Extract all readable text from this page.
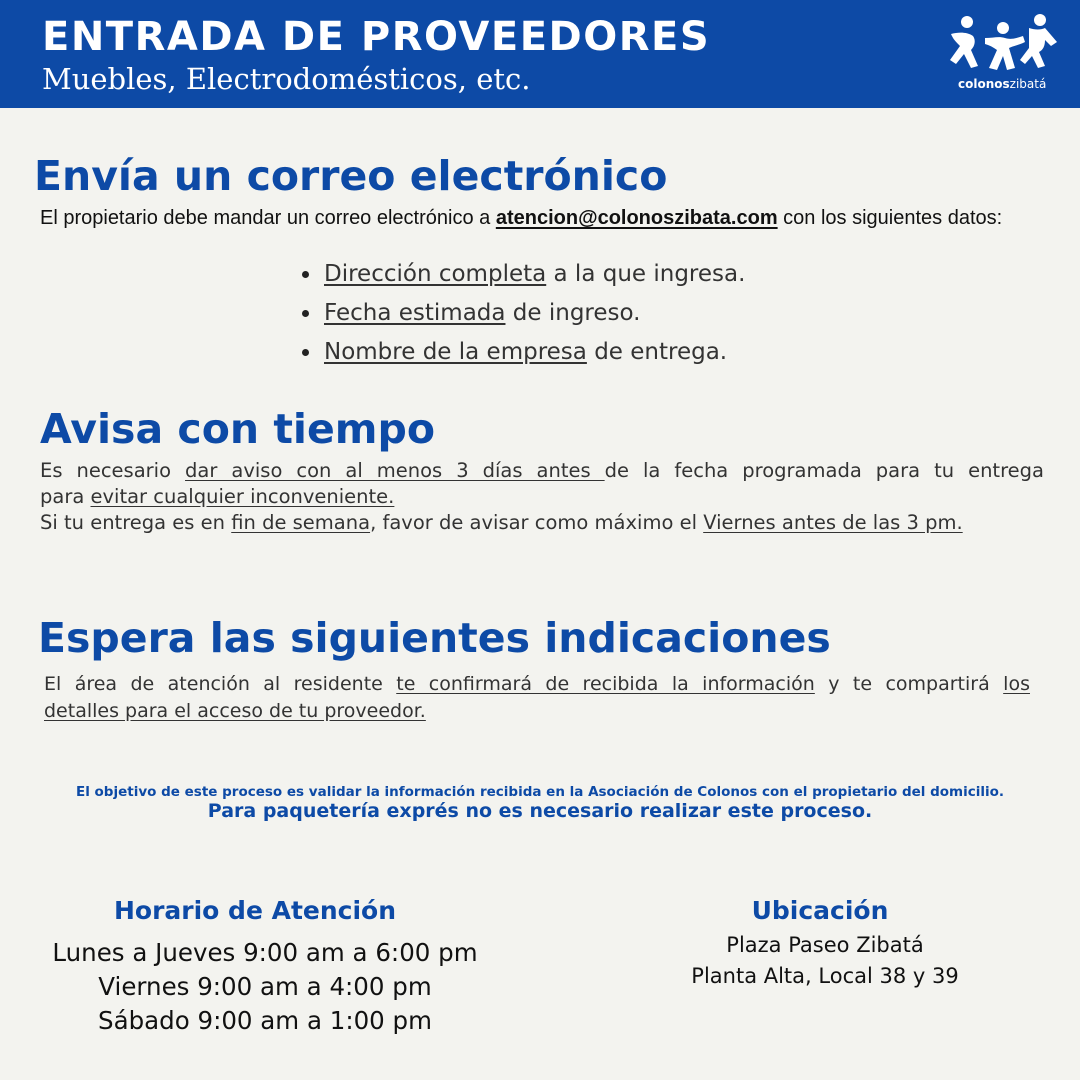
ENTRADA DE PROVEEDORES
Muebles, Electrodomésticos, etc.	colonoszibatá
Envía un correo electrónico
El propietario debe mandar un correo electrónico a atencion@colonoszibata.com con los siguientes datos:
Dirección completa a la que ingresa.
Fecha estimada de ingreso.
Nombre de la empresa de entrega.
Avisa con tiempo
Es necesario dar aviso con al menos 3 días antes de la fecha programada para tu entrega
para evitar cualquier inconveniente.
Si tu entrega es en fin de semana, favor de avisar como máximo el Viernes antes de las 3 pm.
Espera las siguientes indicaciones
El área de atención al residente te confirmará de recibida la información y te compartirá los
detalles para el acceso de tu proveedor.
El objetivo de este proceso es validar la información recibida en la Asociación de Colonos con el propietario del domicilio.
Para paquetería exprés no es necesario realizar este proceso.
Horario de Atención
Lunes a Jueves 9:00 am a 6:00 pm
Viernes 9:00 am a 4:00 pm
Sábado 9:00 am a 1:00 pm
Ubicación
Plaza Paseo Zibatá
Planta Alta, Local 38 y 39
